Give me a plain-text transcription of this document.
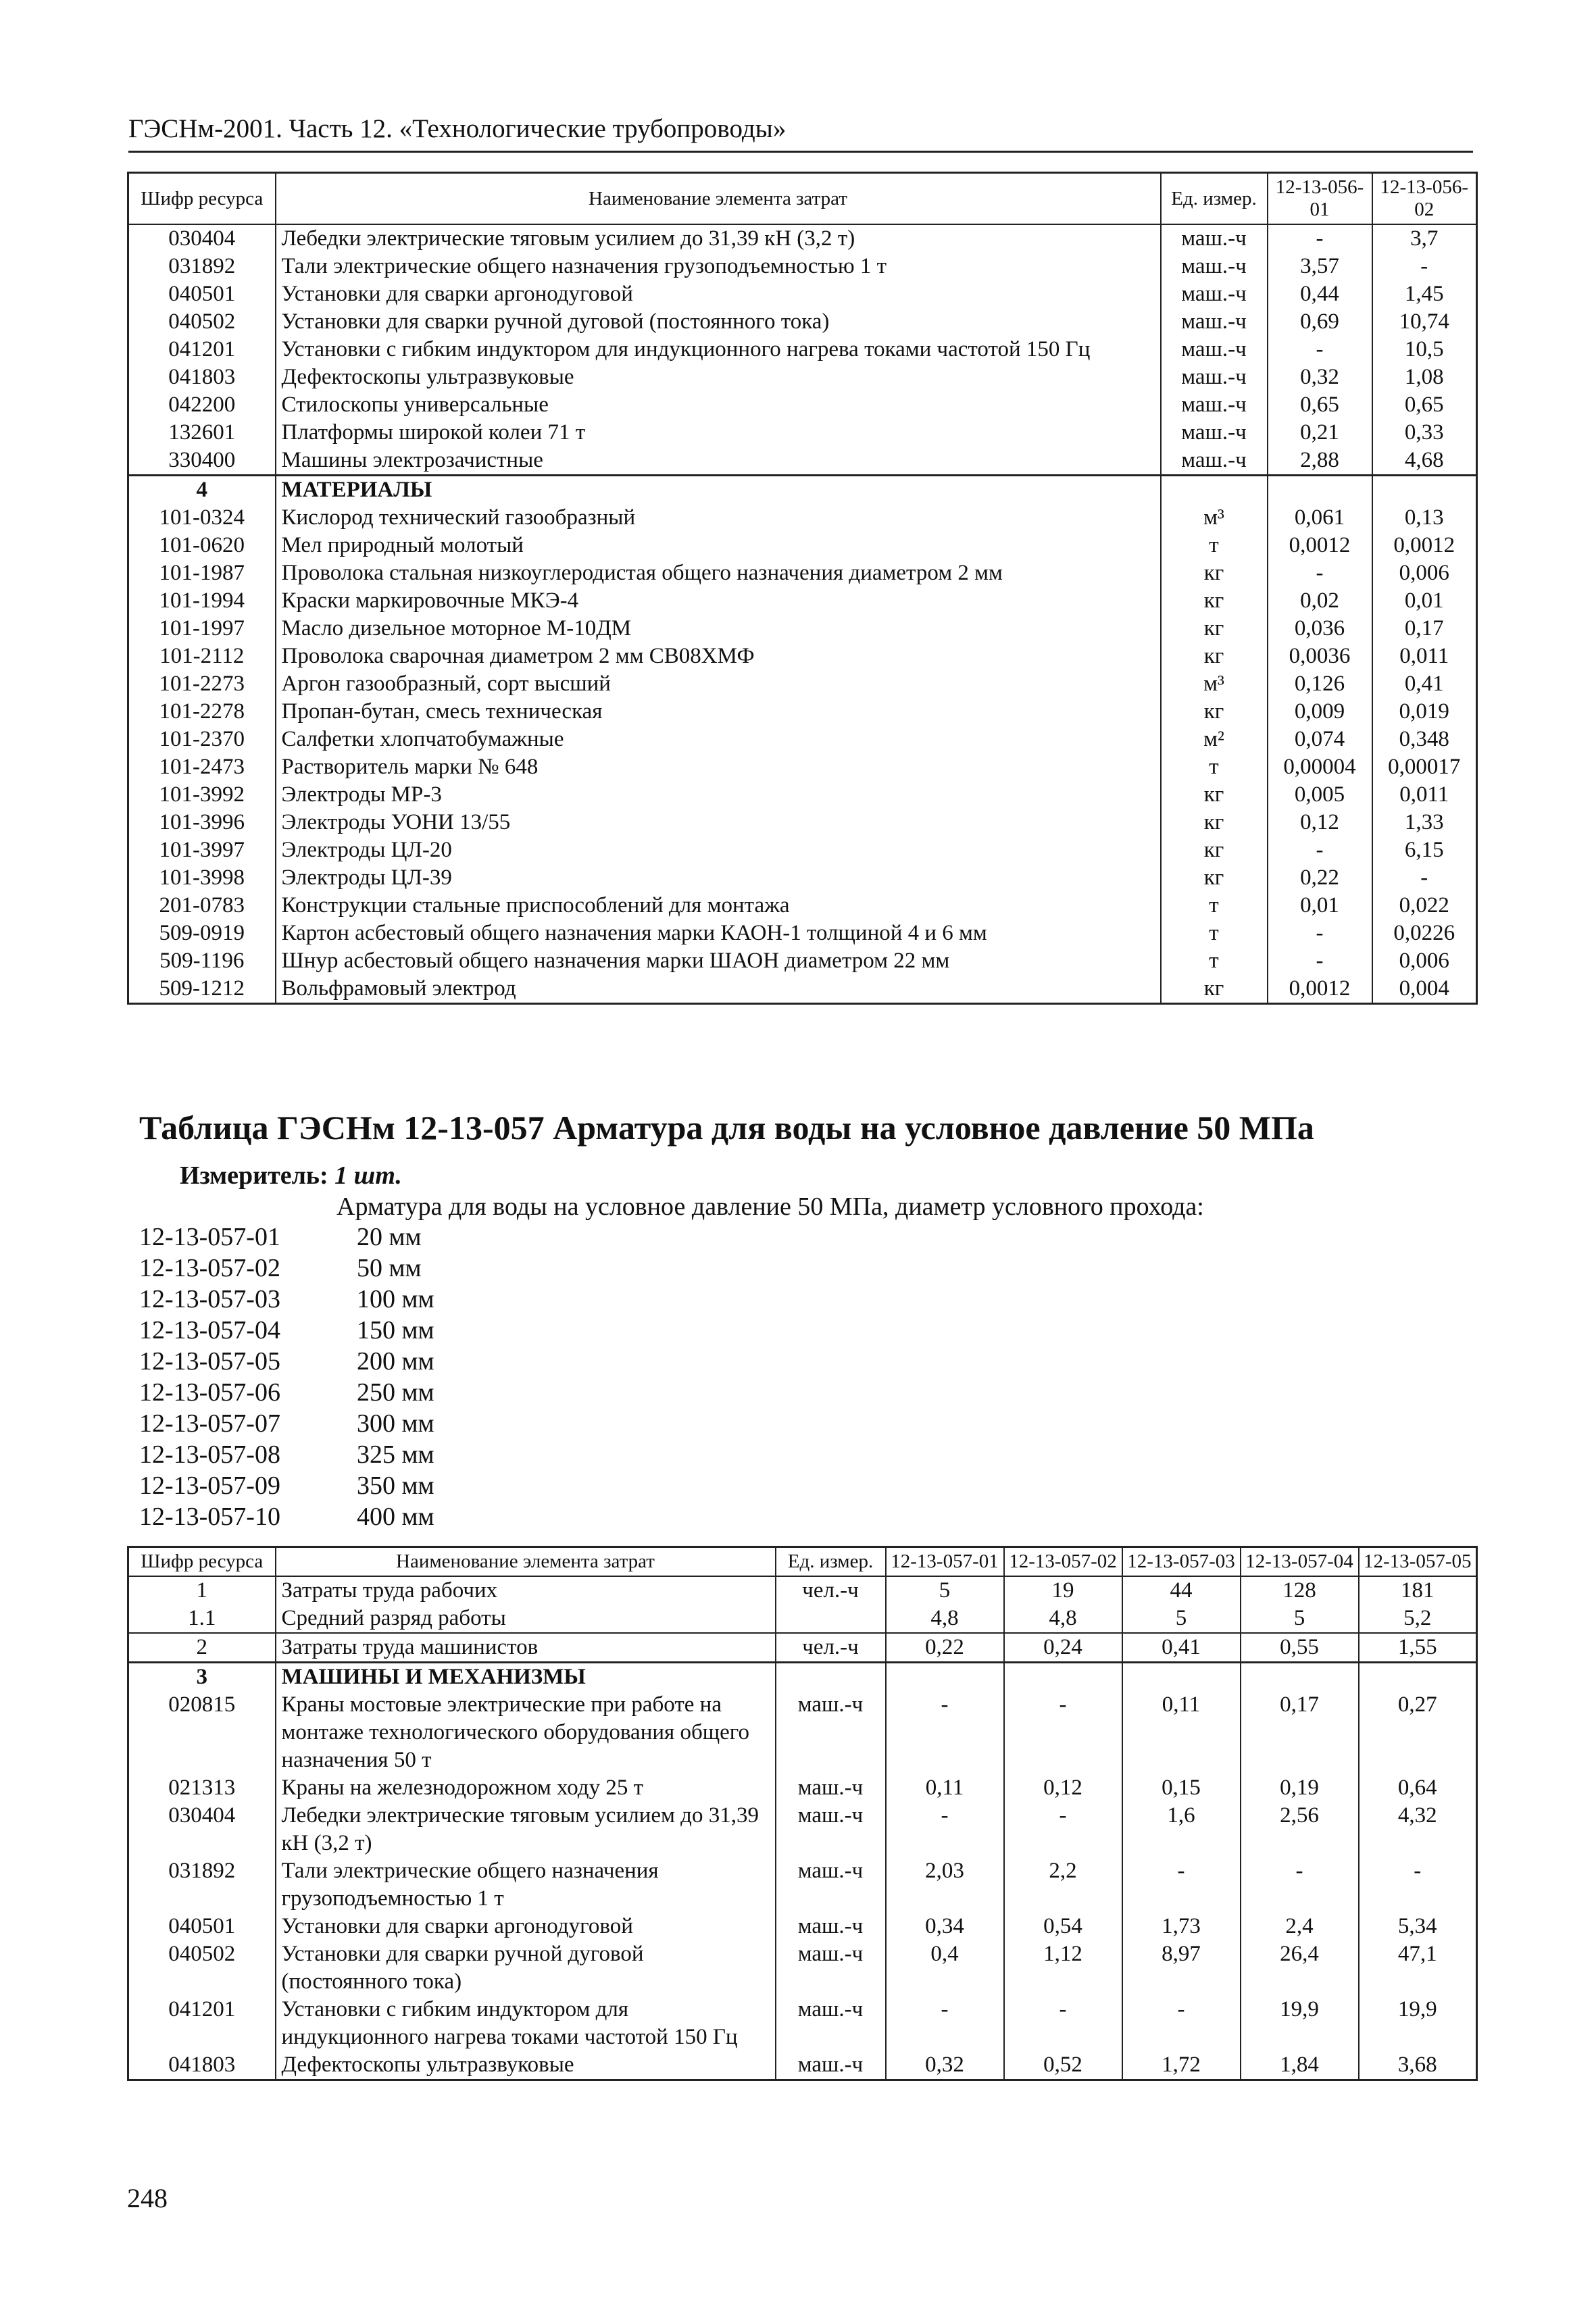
ГЭСНм-2001. Часть 12. «Технологические трубопроводы»
Шифр ресурса	Наименование элемента затрат	Ед. измер.	12-13-056-01	12-13-056-02
030404	Лебедки электрические тяговым усилием до 31,39 кН (3,2 т)	маш.-ч	-	3,7
031892	Тали электрические общего назначения грузоподъемностью 1 т	маш.-ч	3,57	-
040501	Установки для сварки аргонодуговой	маш.-ч	0,44	1,45
040502	Установки для сварки ручной дуговой (постоянного тока)	маш.-ч	0,69	10,74
041201	Установки с гибким индуктором для индукционного нагрева токами частотой 150 Гц	маш.-ч	-	10,5
041803	Дефектоскопы ультразвуковые	маш.-ч	0,32	1,08
042200	Стилоскопы универсальные	маш.-ч	0,65	0,65
132601	Платформы широкой колеи 71 т	маш.-ч	0,21	0,33
330400	Машины электрозачистные	маш.-ч	2,88	4,68
4	МАТЕРИАЛЫ			
101-0324	Кислород технический газообразный	м³	0,061	0,13
101-0620	Мел природный молотый	т	0,0012	0,0012
101-1987	Проволока стальная низкоуглеродистая общего назначения диаметром 2 мм	кг	-	0,006
101-1994	Краски маркировочные МКЭ-4	кг	0,02	0,01
101-1997	Масло дизельное моторное М-10ДМ	кг	0,036	0,17
101-2112	Проволока сварочная диаметром 2 мм СВ08ХМФ	кг	0,0036	0,011
101-2273	Аргон газообразный, сорт высший	м³	0,126	0,41
101-2278	Пропан-бутан, смесь техническая	кг	0,009	0,019
101-2370	Салфетки хлопчатобумажные	м²	0,074	0,348
101-2473	Растворитель марки № 648	т	0,00004	0,00017
101-3992	Электроды МР-3	кг	0,005	0,011
101-3996	Электроды УОНИ 13/55	кг	0,12	1,33
101-3997	Электроды ЦЛ-20	кг	-	6,15
101-3998	Электроды ЦЛ-39	кг	0,22	-
201-0783	Конструкции стальные приспособлений для монтажа	т	0,01	0,022
509-0919	Картон асбестовый общего назначения марки КАОН-1 толщиной 4 и 6 мм	т	-	0,0226
509-1196	Шнур асбестовый общего назначения марки ШАОН диаметром 22 мм	т	-	0,006
509-1212	Вольфрамовый электрод	кг	0,0012	0,004
Таблица ГЭСНм 12-13-057 Арматура для воды на условное давление 50 МПа
Измеритель: 1 шт.
Арматура для воды на условное давление 50 МПа, диаметр условного прохода:
12-13-057-01	20 мм
12-13-057-02	50 мм
12-13-057-03	100 мм
12-13-057-04	150 мм
12-13-057-05	200 мм
12-13-057-06	250 мм
12-13-057-07	300 мм
12-13-057-08	325 мм
12-13-057-09	350 мм
12-13-057-10	400 мм
Шифр ресурса	Наименование элемента затрат	Ед. измер.	12-13-057-01	12-13-057-02	12-13-057-03	12-13-057-04	12-13-057-05
1	Затраты труда рабочих	чел.-ч	5	19	44	128	181
1.1	Средний разряд работы		4,8	4,8	5	5	5,2
2	Затраты труда машинистов	чел.-ч	0,22	0,24	0,41	0,55	1,55
3	МАШИНЫ И МЕХАНИЗМЫ						
020815	Краны мостовые электрические при работе на монтаже технологического оборудования общего назначения 50 т	маш.-ч	-	-	0,11	0,17	0,27
021313	Краны на железнодорожном ходу 25 т	маш.-ч	0,11	0,12	0,15	0,19	0,64
030404	Лебедки электрические тяговым усилием до 31,39 кН (3,2 т)	маш.-ч	-	-	1,6	2,56	4,32
031892	Тали электрические общего назначения грузоподъемностью 1 т	маш.-ч	2,03	2,2	-	-	-
040501	Установки для сварки аргонодуговой	маш.-ч	0,34	0,54	1,73	2,4	5,34
040502	Установки для сварки ручной дуговой (постоянного тока)	маш.-ч	0,4	1,12	8,97	26,4	47,1
041201	Установки с гибким индуктором для индукционного нагрева токами частотой 150 Гц	маш.-ч	-	-	-	19,9	19,9
041803	Дефектоскопы ультразвуковые	маш.-ч	0,32	0,52	1,72	1,84	3,68
248
